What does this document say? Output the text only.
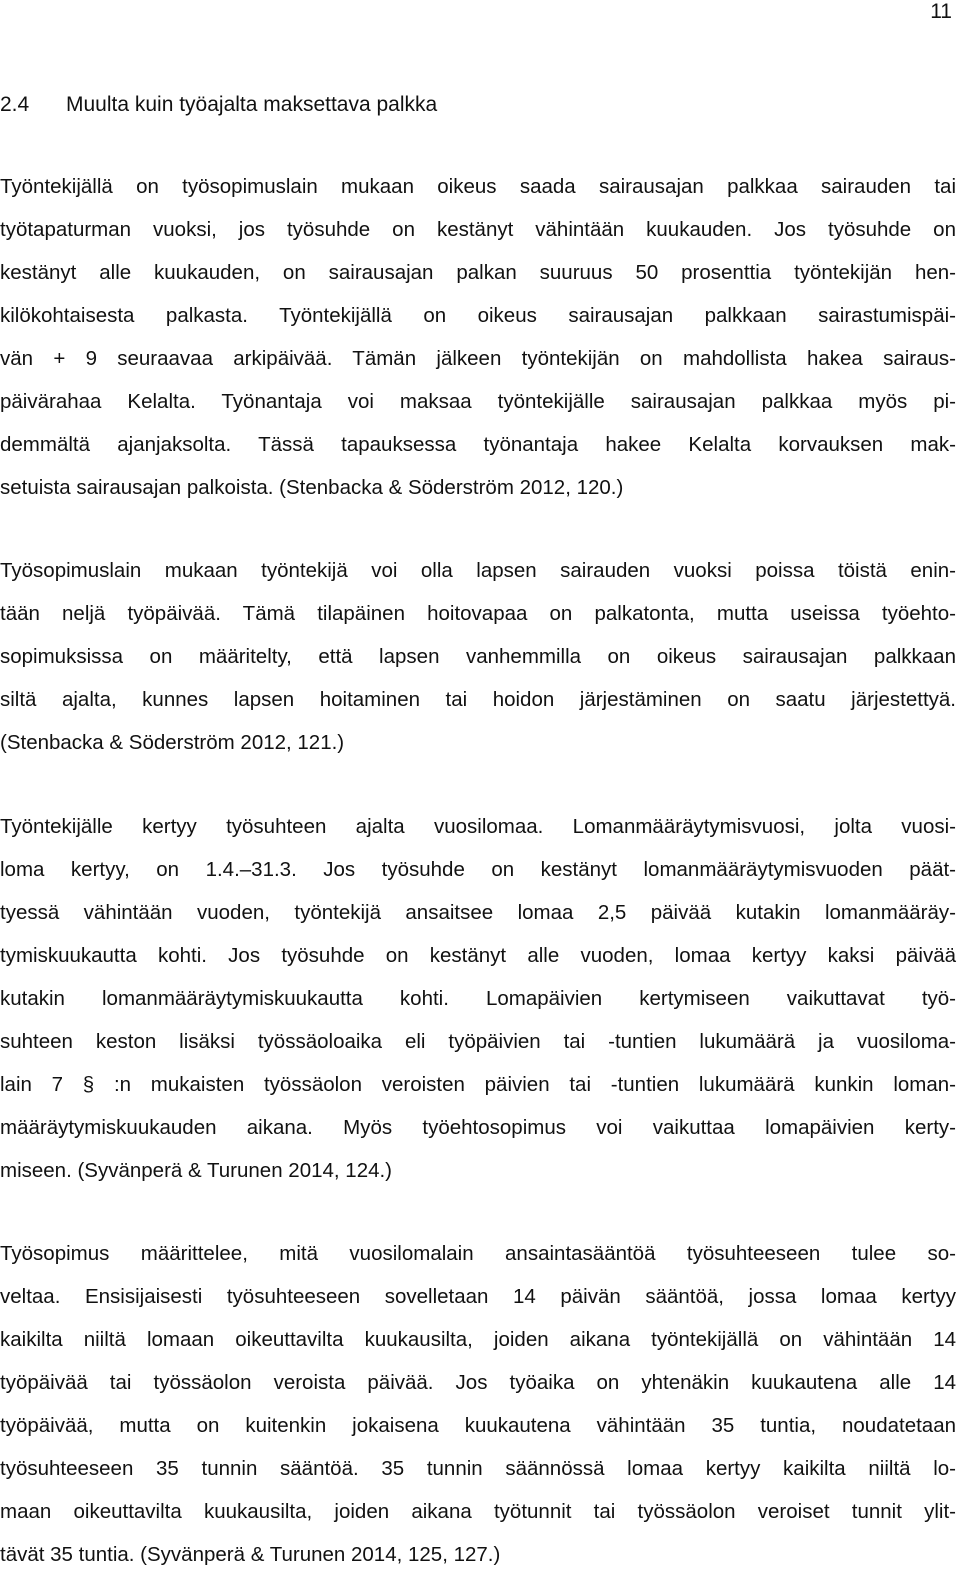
11
2.4 Muulta kuin työajalta maksettava palkka
Työntekijällä on työsopimuslain mukaan oikeus saada sairausajan palkkaa sairauden tai
työtapaturman vuoksi, jos työsuhde on kestänyt vähintään kuukauden. Jos työsuhde on
kestänyt alle kuukauden, on sairausajan palkan suuruus 50 prosenttia työntekijän hen-
kilökohtaisesta palkasta. Työntekijällä on oikeus sairausajan palkkaan sairastumispäi-
vän + 9 seuraavaa arkipäivää. Tämän jälkeen työntekijän on mahdollista hakea sairaus-
päivärahaa Kelalta. Työnantaja voi maksaa työntekijälle sairausajan palkkaa myös pi-
demmältä ajanjaksolta. Tässä tapauksessa työnantaja hakee Kelalta korvauksen mak-
setuista sairausajan palkoista. (Stenbacka & Söderström 2012, 120.)
Työsopimuslain mukaan työntekijä voi olla lapsen sairauden vuoksi poissa töistä enin-
tään neljä työpäivää. Tämä tilapäinen hoitovapaa on palkatonta, mutta useissa työehto-
sopimuksissa on määritelty, että lapsen vanhemmilla on oikeus sairausajan palkkaan
siltä ajalta, kunnes lapsen hoitaminen tai hoidon järjestäminen on saatu järjestettyä.
(Stenbacka & Söderström 2012, 121.)
Työntekijälle kertyy työsuhteen ajalta vuosilomaa. Lomanmääräytymisvuosi, jolta vuosi-
loma kertyy, on 1.4.–31.3. Jos työsuhde on kestänyt lomanmääräytymisvuoden päät-
tyessä vähintään vuoden, työntekijä ansaitsee lomaa 2,5 päivää kutakin lomanmääräy-
tymiskuukautta kohti. Jos työsuhde on kestänyt alle vuoden, lomaa kertyy kaksi päivää
kutakin lomanmääräytymiskuukautta kohti. Lomapäivien kertymiseen vaikuttavat työ-
suhteen keston lisäksi työssäoloaika eli työpäivien tai -tuntien lukumäärä ja vuosiloma-
lain 7 § :n mukaisten työssäolon veroisten päivien tai -tuntien lukumäärä kunkin loman-
määräytymiskuukauden aikana. Myös työehtosopimus voi vaikuttaa lomapäivien kerty-
miseen. (Syvänperä & Turunen 2014, 124.)
Työsopimus määrittelee, mitä vuosilomalain ansaintasääntöä työsuhteeseen tulee so-
veltaa. Ensisijaisesti työsuhteeseen sovelletaan 14 päivän sääntöä, jossa lomaa kertyy
kaikilta niiltä lomaan oikeuttavilta kuukausilta, joiden aikana työntekijällä on vähintään 14
työpäivää tai työssäolon veroista päivää. Jos työaika on yhtenäkin kuukautena alle 14
työpäivää, mutta on kuitenkin jokaisena kuukautena vähintään 35 tuntia, noudatetaan
työsuhteeseen 35 tunnin sääntöä. 35 tunnin säännössä lomaa kertyy kaikilta niiltä lo-
maan oikeuttavilta kuukausilta, joiden aikana työtunnit tai työssäolon veroiset tunnit ylit-
tävät 35 tuntia. (Syvänperä & Turunen 2014, 125, 127.)
